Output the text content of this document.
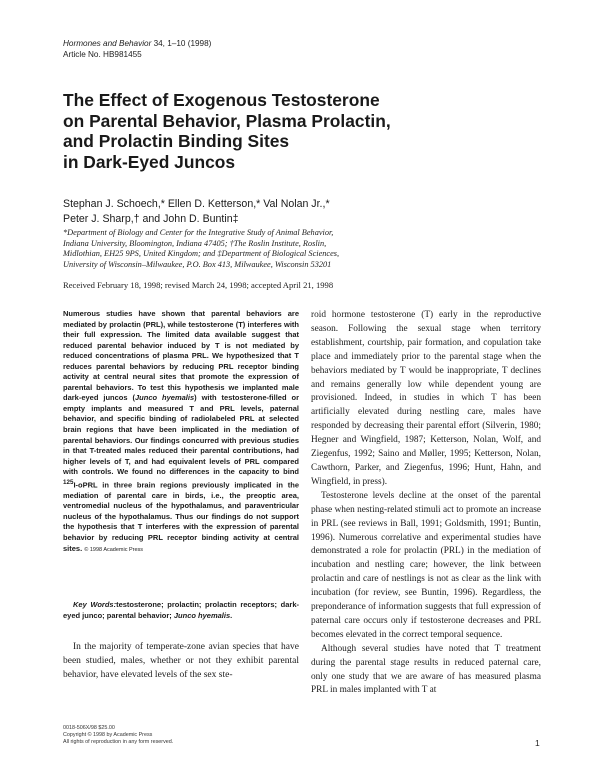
Hormones and Behavior 34, 1–10 (1998)
Article No. HB981455
The Effect of Exogenous Testosterone
on Parental Behavior, Plasma Prolactin,
and Prolactin Binding Sites
in Dark-Eyed Juncos
Stephan J. Schoech,* Ellen D. Ketterson,* Val Nolan Jr.,*
Peter J. Sharp,† and John D. Buntin‡
*Department of Biology and Center for the Integrative Study of Animal Behavior,
Indiana University, Bloomington, Indiana 47405; †The Roslin Institute, Roslin,
Midlothian, EH25 9PS, United Kingdom; and ‡Department of Biological Sciences,
University of Wisconsin–Milwaukee, P.O. Box 413, Milwaukee, Wisconsin 53201
Received February 18, 1998; revised March 24, 1998; accepted April 21, 1998

Numerous studies have shown that parental behaviors are mediated by prolactin (PRL), while testosterone (T) interferes with their full expression. The limited data available suggest that reduced parental behavior induced by T is not mediated by reduced concentrations of plasma PRL. We hypothesized that T reduces parental behaviors by reducing PRL receptor binding activity at central neural sites that promote the expression of parental behaviors. To test this hypothesis we implanted male dark-eyed juncos (Junco hyemalis) with testosterone-filled or empty implants and measured T and PRL levels, paternal behavior, and specific binding of radiolabeled PRL at selected brain regions that have been implicated in the mediation of parental behaviors. Our findings concurred with previous studies in that T-treated males reduced their parental contributions, had higher levels of T, and had equivalent levels of PRL compared with controls. We found no differences in the capacity to bind $^{125}$I-oPRL in three brain regions previously implicated in the mediation of parental care in birds, i.e., the preoptic area, ventromedial nucleus of the hypothalamus, and paraventricular nucleus of the hypothalamus. Thus our findings do not support the hypothesis that T interferes with the expression of parental behavior by reducing PRL receptor binding activity at central sites. © 1998 Academic Press

Key Words:testosterone; prolactin; prolactin receptors; dark-eyed junco; parental behavior; Junco hyemalis.

In the majority of temperate-zone avian species that have been studied, males, whether or not they exhibit parental behavior, have elevated levels of the sex ste-

roid hormone testosterone (T) early in the reproductive season. Following the sexual stage when territory establishment, courtship, pair formation, and copulation take place and immediately prior to the parental stage when the behaviors mediated by T would be inappropriate, T declines and remains generally low while dependent young are provisioned. Indeed, in studies in which T has been artificially elevated during nestling care, males have responded by decreasing their parental effort (Silverin, 1980; Hegner and Wingfield, 1987; Ketterson, Nolan, Wolf, and Ziegenfus, 1992; Saino and Møller, 1995; Ketterson, Nolan, Cawthorn, Parker, and Ziegenfus, 1996; Hunt, Hahn, and Wingfield, in press).

Testosterone levels decline at the onset of the parental phase when nesting-related stimuli act to promote an increase in PRL (see reviews in Ball, 1991; Goldsmith, 1991; Buntin, 1996). Numerous correlative and experimental studies have demonstrated a role for prolactin (PRL) in the mediation of incubation and nestling care; however, the link between prolactin and care of nestlings is not as clear as the link with incubation (for review, see Buntin, 1996). Regardless, the preponderance of information suggests that full expression of paternal care occurs only if testosterone decreases and PRL becomes elevated in the correct temporal sequence.

Although several studies have noted that T treatment during the parental stage results in reduced paternal care, only one study that we are aware of has measured plasma PRL in males implanted with T at

0018-506X/98 $25.00
Copyright © 1998 by Academic Press
All rights of reproduction in any form reserved.	1
